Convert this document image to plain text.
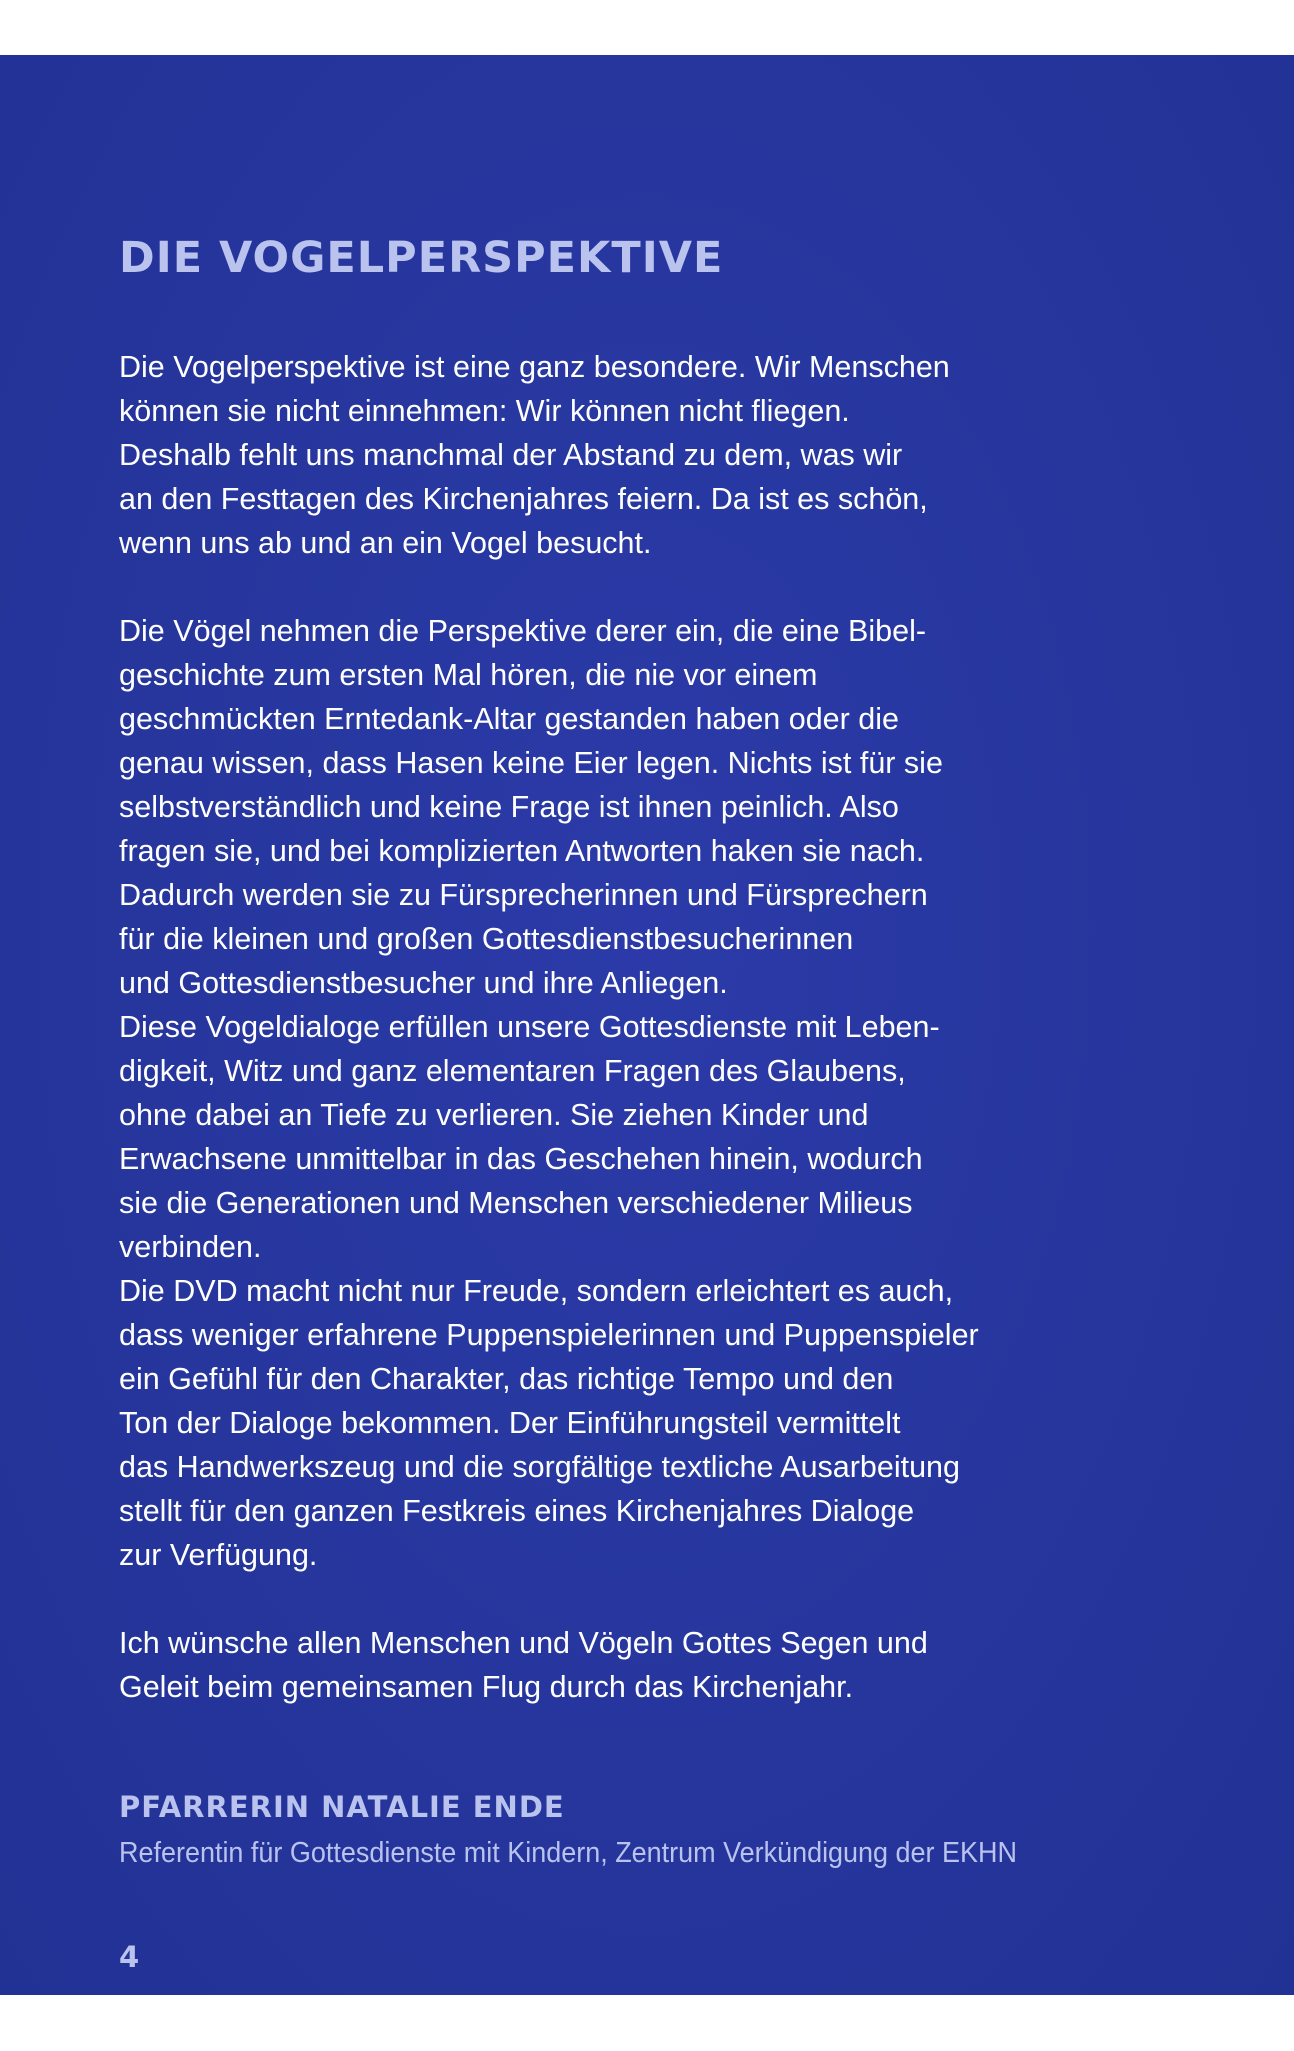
DIE VOGELPERSPEKTIVE
Die Vogelperspektive ist eine ganz besondere. Wir Menschen
können sie nicht einnehmen: Wir können nicht fliegen.
Deshalb fehlt uns manchmal der Abstand zu dem, was wir
an den Festtagen des Kirchenjahres feiern. Da ist es schön,
wenn uns ab und an ein Vogel besucht.
Die Vögel nehmen die Perspektive derer ein, die eine Bibel-
geschichte zum ersten Mal hören, die nie vor einem
geschmückten Erntedank-Altar gestanden haben oder die
genau wissen, dass Hasen keine Eier legen. Nichts ist für sie
selbstverständlich und keine Frage ist ihnen peinlich. Also
fragen sie, und bei komplizierten Antworten haken sie nach.
Dadurch werden sie zu Fürsprecherinnen und Fürsprechern
für die kleinen und großen Gottesdienstbesucherinnen
und Gottesdienstbesucher und ihre Anliegen.
Diese Vogeldialoge erfüllen unsere Gottesdienste mit Leben-
digkeit, Witz und ganz elementaren Fragen des Glaubens,
ohne dabei an Tiefe zu verlieren. Sie ziehen Kinder und
Erwachsene unmittelbar in das Geschehen hinein, wodurch
sie die Generationen und Menschen verschiedener Milieus
verbinden.
Die DVD macht nicht nur Freude, sondern erleichtert es auch,
dass weniger erfahrene Puppenspielerinnen und Puppenspieler
ein Gefühl für den Charakter, das richtige Tempo und den
Ton der Dialoge bekommen. Der Einführungsteil vermittelt
das Handwerkszeug und die sorgfältige textliche Ausarbeitung
stellt für den ganzen Festkreis eines Kirchenjahres Dialoge
zur Verfügung.
Ich wünsche allen Menschen und Vögeln Gottes Segen und
Geleit beim gemeinsamen Flug durch das Kirchenjahr.
PFARRERIN NATALIE ENDE
Referentin für Gottesdienste mit Kindern, Zentrum Verkündigung der EKHN
4
